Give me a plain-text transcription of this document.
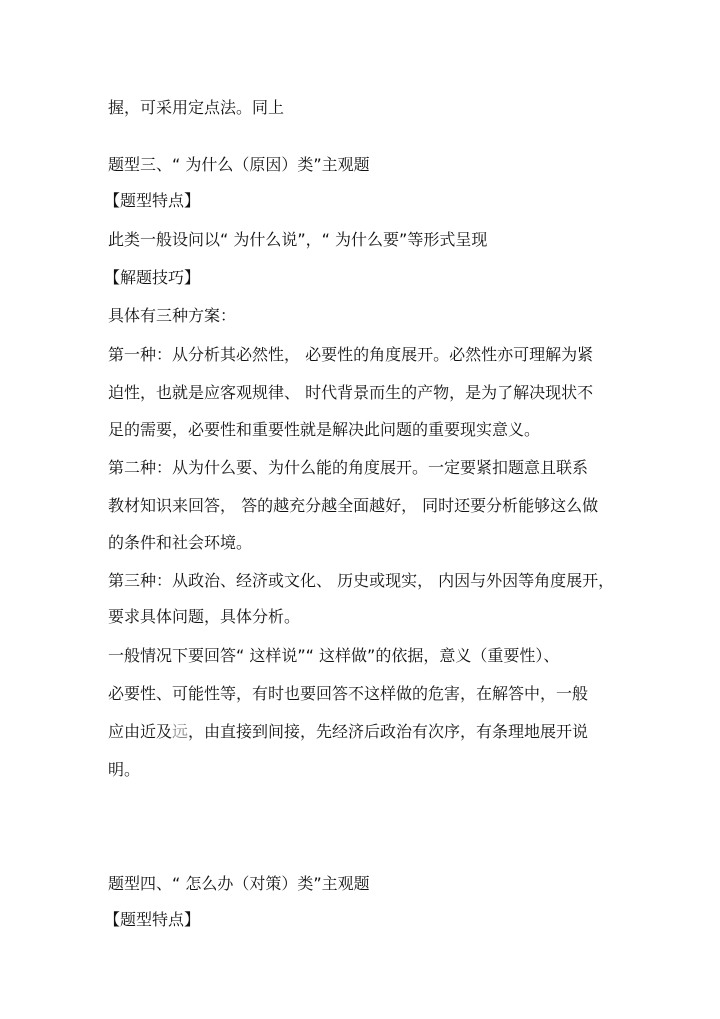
握，可采用定点法。同上
题型三、“ 为什么（原因）类”主观题
【题型特点】
此类一般设问以“ 为什么说”，“ 为什么要”等形式呈现
【解题技巧】
具体有三种方案：
第一种：从分析其必然性， 必要性的角度展开。必然性亦可理解为紧
迫性，也就是应客观规律、 时代背景而生的产物，是为了解决现状不
足的需要，必要性和重要性就是解决此问题的重要现实意义。
第二种：从为什么要、为什么能的角度展开。一定要紧扣题意且联系
教材知识来回答， 答的越充分越全面越好， 同时还要分析能够这么做
的条件和社会环境。
第三种：从政治、经济或文化、 历史或现实， 内因与外因等角度展开，
要求具体问题，具体分析。
一般情况下要回答“ 这样说”“ 这样做”的依据，意义（重要性）、
必要性、可能性等，有时也要回答不这样做的危害，在解答中，一般
应由近及远，由直接到间接，先经济后政治有次序，有条理地展开说
明。
题型四、“ 怎么办（对策）类”主观题
【题型特点】
